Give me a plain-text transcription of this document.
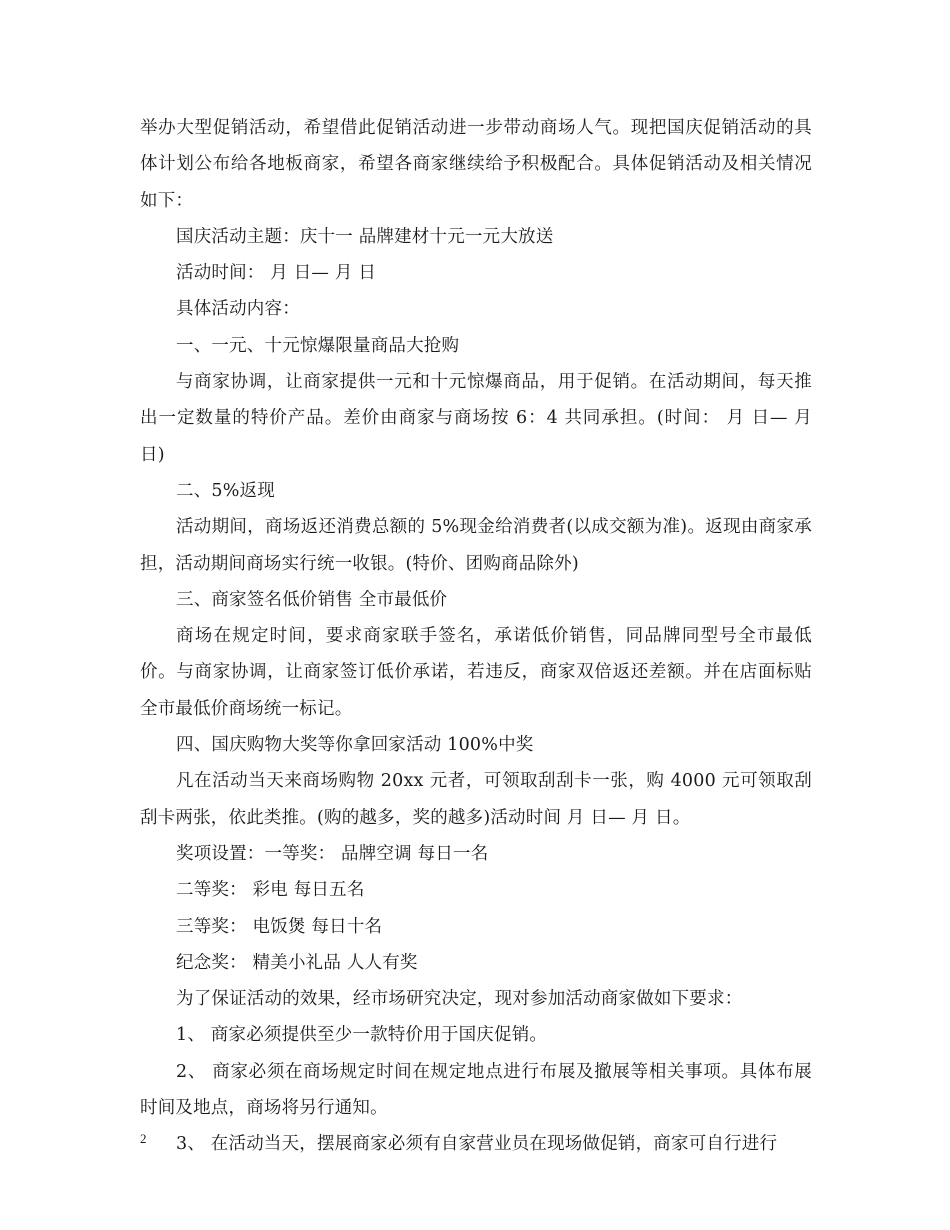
举办大型促销活动，希望借此促销活动进一步带动商场人气。现把国庆促销活动的具体计划公布给各地板商家，希望各商家继续给予积极配合。具体促销活动及相关情况如下：

国庆活动主题：庆十一 品牌建材十元一元大放送

活动时间： 月 日— 月 日

具体活动内容：

一、一元、十元惊爆限量商品大抢购

与商家协调，让商家提供一元和十元惊爆商品，用于促销。在活动期间，每天推出一定数量的特价产品。差价由商家与商场按 6：4 共同承担。(时间： 月 日— 月 日)

二、5%返现

活动期间，商场返还消费总额的 5%现金给消费者(以成交额为准)。返现由商家承担，活动期间商场实行统一收银。(特价、团购商品除外)

三、商家签名低价销售 全市最低价

商场在规定时间，要求商家联手签名，承诺低价销售，同品牌同型号全市最低价。与商家协调，让商家签订低价承诺，若违反，商家双倍返还差额。并在店面标贴全市最低价商场统一标记。

四、国庆购物大奖等你拿回家活动 100%中奖

凡在活动当天来商场购物 20xx 元者，可领取刮刮卡一张，购 4000 元可领取刮刮卡两张，依此类推。(购的越多，奖的越多)活动时间 月 日— 月 日。

奖项设置：一等奖： 品牌空调 每日一名

二等奖： 彩电 每日五名

三等奖： 电饭煲 每日十名

纪念奖： 精美小礼品 人人有奖

为了保证活动的效果，经市场研究决定，现对参加活动商家做如下要求：

1、 商家必须提供至少一款特价用于国庆促销。

2、 商家必须在商场规定时间在规定地点进行布展及撤展等相关事项。具体布展时间及地点，商场将另行通知。

3、 在活动当天，摆展商家必须有自家营业员在现场做促销，商家可自行进行

2
